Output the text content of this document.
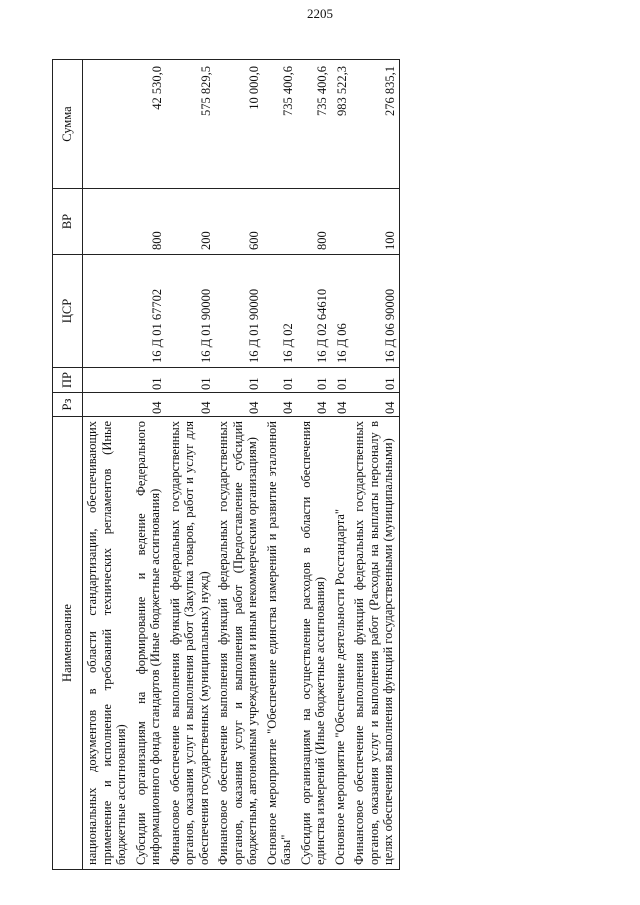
2205
Наименование	Рз	ПР	ЦСР	ВР	Сумма
национальных документов в области стандартизации, обеспечивающих применение и исполнение требований технических регламентов (Иные бюджетные ассигнования)					
Субсидии организациям на формирование и ведение Федерального информационного фонда стандартов (Иные бюджетные ассигнования)	04	01	16 Д 01 67702	800	42 530,0
Финансовое обеспечение выполнения функций федеральных государственных органов, оказания услуг и выполнения работ (Закупка товаров, работ и услуг для обеспечения государственных (муниципальных) нужд)	04	01	16 Д 01 90000	200	575 829,5
Финансовое обеспечение выполнения функций федеральных государственных органов, оказания услуг и выполнения работ (Предоставление субсидий бюджетным, автономным учреждениям и иным некоммерческим организациям)	04	01	16 Д 01 90000	600	10 000,0
Основное мероприятие "Обеспечение единства измерений и развитие эталонной базы"	04	01	16 Д 02		735 400,6
Субсидии организациям на осуществление расходов в области обеспечения единства измерений (Иные бюджетные ассигнования)	04	01	16 Д 02 64610	800	735 400,6
Основное мероприятие "Обеспечение деятельности Росстандарта"	04	01	16 Д 06		983 522,3
Финансовое обеспечение выполнения функций федеральных государственных органов, оказания услуг и выполнения работ (Расходы на выплаты персоналу в целях обеспечения выполнения функций государственными (муниципальными)	04	01	16 Д 06 90000	100	276 835,1
